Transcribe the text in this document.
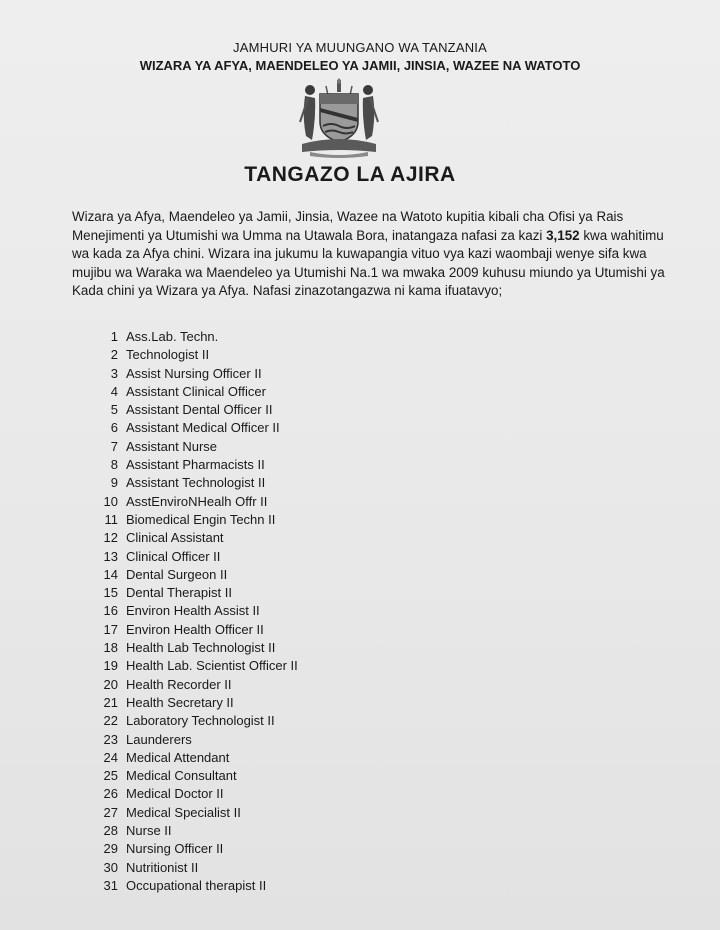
JAMHURI YA MUUNGANO WA TANZANIA
WIZARA YA AFYA, MAENDELEO YA JAMII, JINSIA, WAZEE NA WATOTO
TANGAZO LA AJIRA

Wizara ya Afya, Maendeleo ya Jamii, Jinsia, Wazee na Watoto kupitia kibali cha Ofisi ya Rais Menejimenti ya Utumishi wa Umma na Utawala Bora, inatangaza nafasi za kazi 3,152 kwa wahitimu wa kada za Afya chini. Wizara ina jukumu la kuwapangia vituo vya kazi waombaji wenye sifa kwa mujibu wa Waraka wa Maendeleo ya Utumishi Na.1 wa mwaka 2009 kuhusu miundo ya Utumishi ya Kada chini ya Wizara ya Afya. Nafasi zinazotangazwa ni kama ifuatavyo;

1 Ass.Lab. Techn.
2 Technologist II
3 Assist Nursing Officer II
4 Assistant Clinical Officer
5 Assistant Dental Officer II
6 Assistant Medical Officer II
7 Assistant Nurse
8 Assistant Pharmacists II
9 Assistant Technologist II
10 AsstEnviroNHealh Offr II
11 Biomedical Engin Techn II
12 Clinical Assistant
13 Clinical Officer II
14 Dental Surgeon II
15 Dental Therapist II
16 Environ Health Assist II
17 Environ Health Officer II
18 Health Lab Technologist II
19 Health Lab. Scientist Officer II
20 Health Recorder II
21 Health Secretary II
22 Laboratory Technologist II
23 Launderers
24 Medical Attendant
25 Medical Consultant
26 Medical Doctor II
27 Medical Specialist II
28 Nurse II
29 Nursing Officer II
30 Nutritionist II
31 Occupational therapist II
